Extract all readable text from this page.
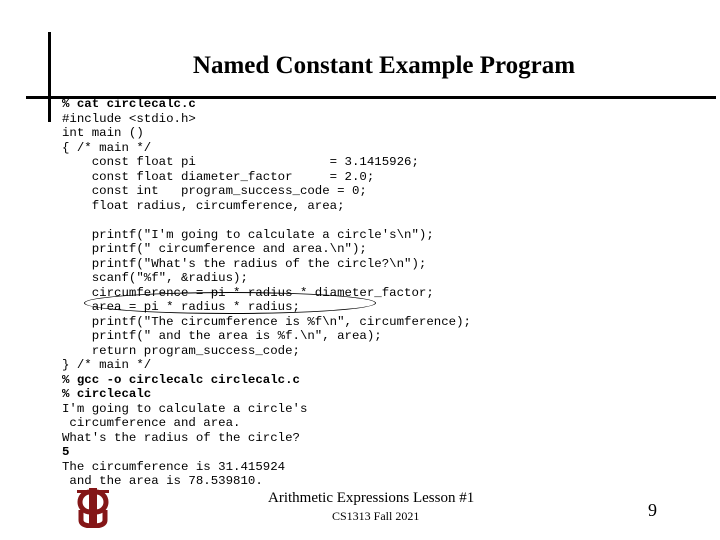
Named Constant Example Program
% cat circlecalc.c
#include <stdio.h>
int main ()
{ /* main */
const float pi                  = 3.1415926;
const float diameter_factor     = 2.0;
const int   program_success_code = 0;
float radius, circumference, area;
printf("I'm going to calculate a circle's\n");
printf(" circumference and area.\n");
printf("What's the radius of the circle?\n");
scanf("%f", &radius);
circumference = pi * radius * diameter_factor;
area = pi * radius * radius;
printf("The circumference is %f\n", circumference);
printf(" and the area is %f.\n", area);
return program_success_code;
} /* main */
% gcc -o circlecalc circlecalc.c
% circlecalc
I'm going to calculate a circle's
circumference and area.
What's the radius of the circle?
5
The circumference is 31.415924
and the area is 78.539810.
Arithmetic Expressions Lesson #1
CS1313 Fall 2021	9
